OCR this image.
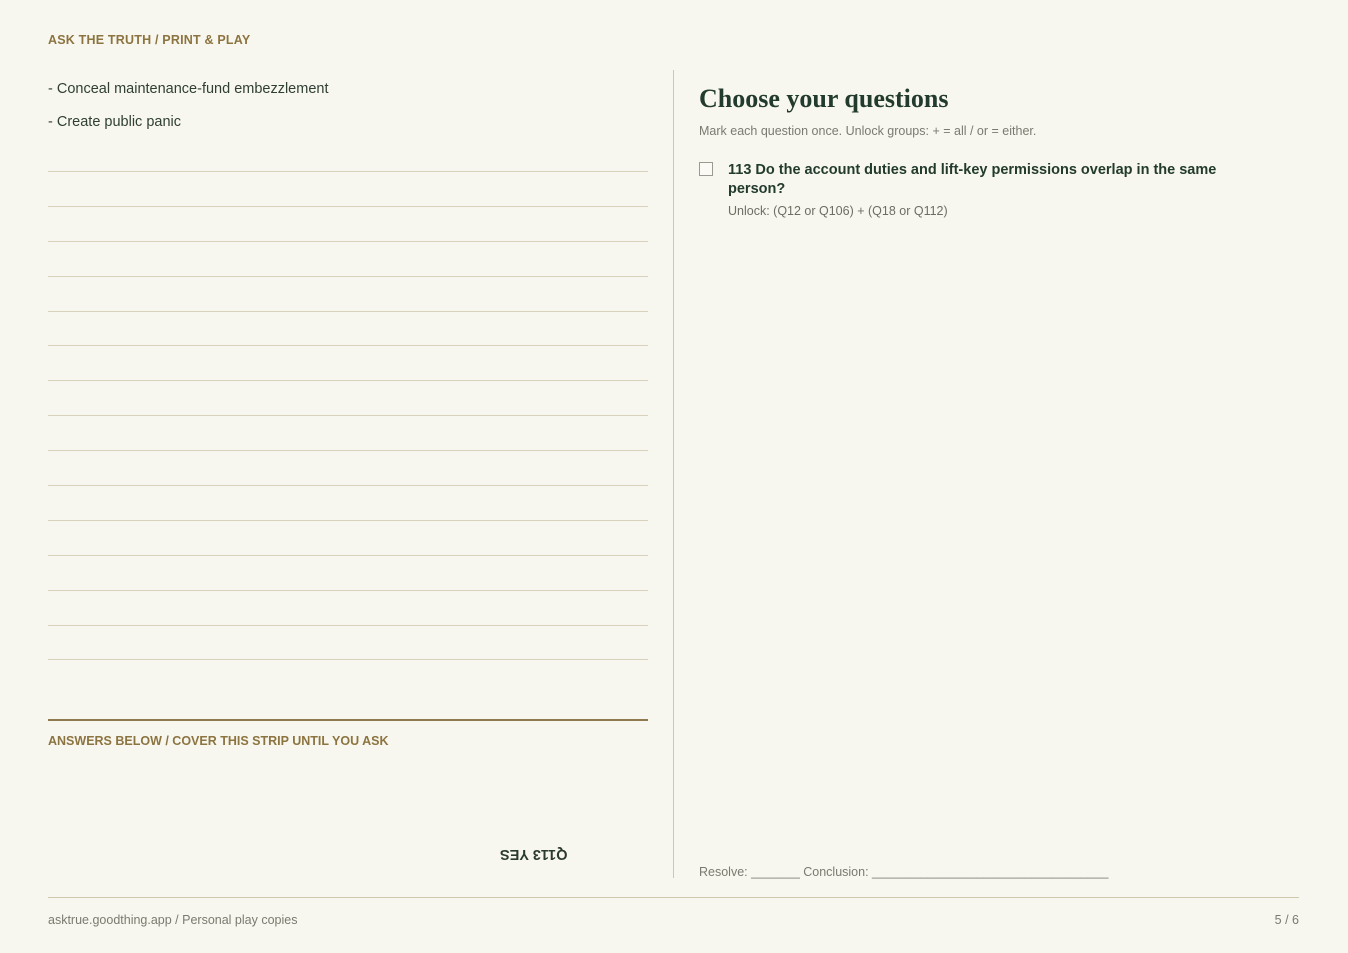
ASK THE TRUTH / PRINT & PLAY
- Conceal maintenance-fund embezzlement
- Create public panic
ANSWERS BELOW / COVER THIS STRIP UNTIL YOU ASK
Q113 YES
Choose your questions
Mark each question once. Unlock groups: + = all / or = either.
113 Do the account duties and lift-key permissions overlap in the same person?
Unlock: (Q12 or Q106) + (Q18 or Q112)
Resolve: _______ Conclusion: __________________________________
asktrue.goodthing.app / Personal play copies	5 / 6
